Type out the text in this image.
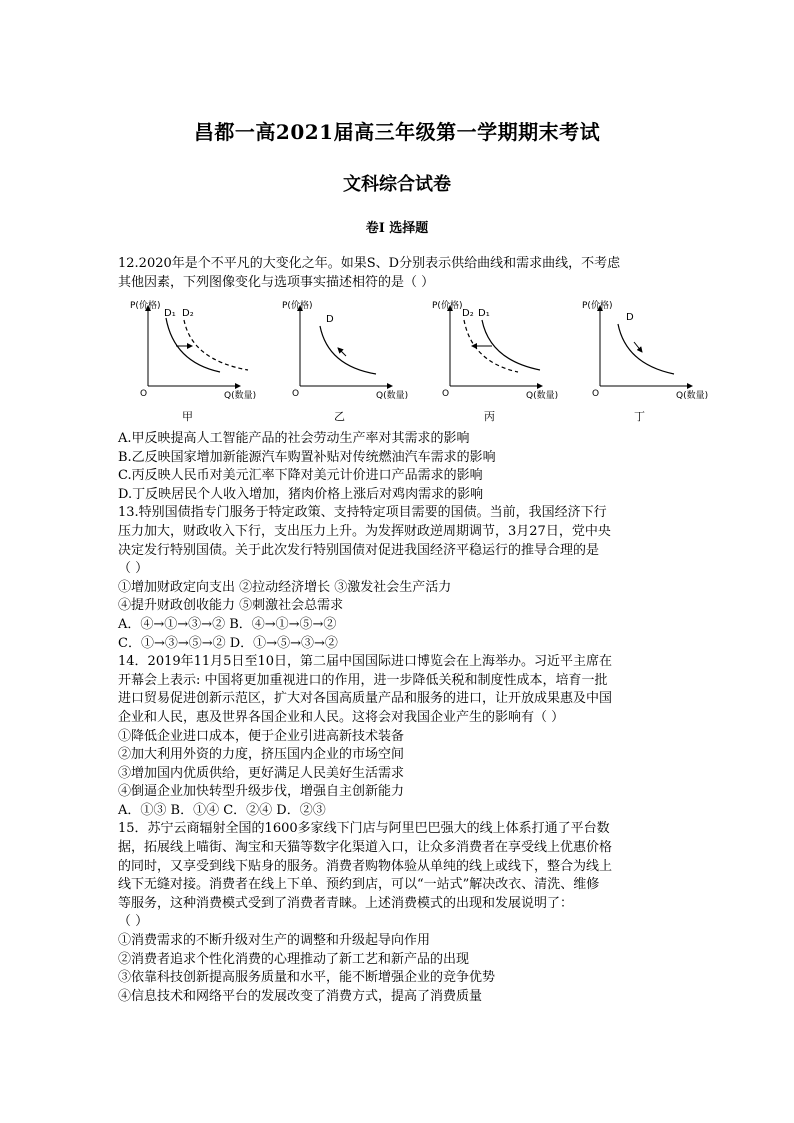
昌都一高2021届高三年级第一学期期末考试
文科综合试卷
卷I 选择题
12.2020年是个不平凡的大变化之年。如果S、D分别表示供给曲线和需求曲线，不考虑
其他因素，下列图像变化与选项事实描述相符的是（ ）
P(价格)
Q(数量)
O
D₁ D₂
甲
P(价格)
Q(数量)
O
D
乙
P(价格)
Q(数量)
O
D₂ D₁
丙
P(价格)
Q(数量)
O
D
丁
A.甲反映提高人工智能产品的社会劳动生产率对其需求的影响
B.乙反映国家增加新能源汽车购置补贴对传统燃油汽车需求的影响
C.丙反映人民币对美元汇率下降对美元计价进口产品需求的影响
D.丁反映居民个人收入增加，猪肉价格上涨后对鸡肉需求的影响
13.特别国债指专门服务于特定政策、支持特定项目需要的国债。当前，我国经济下行
压力加大，财政收入下行，支出压力上升。为发挥财政逆周期调节，3月27日，党中央
决定发行特别国债。关于此次发行特别国债对促进我国经济平稳运行的推导合理的是
（ ）
①增加财政定向支出 ②拉动经济增长 ③激发社会生产活力
④提升财政创收能力 ⑤刺激社会总需求
A．④→①→③→② B．④→①→⑤→②
C．①→③→⑤→② D．①→⑤→③→②
14．2019年11月5日至10日，第二届中国国际进口博览会在上海举办。习近平主席在
开幕会上表示: 中国将更加重视进口的作用，进一步降低关税和制度性成本，培育一批
进口贸易促进创新示范区，扩大对各国高质量产品和服务的进口，让开放成果惠及中国
企业和人民，惠及世界各国企业和人民。这将会对我国企业产生的影响有（ ）
①降低企业进口成本，便于企业引进高新技术装备
②加大利用外资的力度，挤压国内企业的市场空间
③增加国内优质供给，更好满足人民美好生活需求
④倒逼企业加快转型升级步伐，增强自主创新能力
A．①③ B．①④ C．②④ D．②③
15．苏宁云商辐射全国的1600多家线下门店与阿里巴巴强大的线上体系打通了平台数
据，拓展线上喵街、淘宝和天猫等数字化渠道入口，让众多消费者在享受线上优惠价格
的同时，又享受到线下贴身的服务。消费者购物体验从单纯的线上或线下，整合为线上
线下无缝对接。消费者在线上下单、预约到店，可以“一站式”解决改衣、清洗、维修
等服务，这种消费模式受到了消费者青睐。上述消费模式的出现和发展说明了：
（ ）
①消费需求的不断升级对生产的调整和升级起导向作用
②消费者追求个性化消费的心理推动了新工艺和新产品的出现
③依靠科技创新提高服务质量和水平，能不断增强企业的竞争优势
④信息技术和网络平台的发展改变了消费方式，提高了消费质量
